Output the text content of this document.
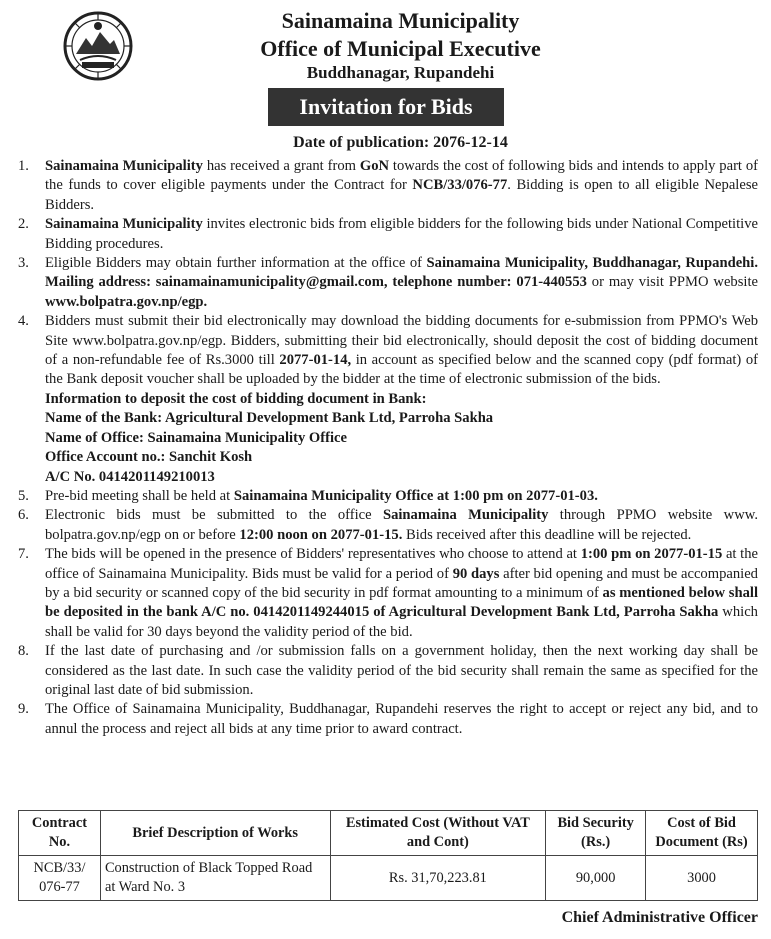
Sainamaina Municipality
Office of Municipal Executive
Buddhanagar, Rupandehi
Invitation for Bids
Date of publication: 2076-12-14
1.	Sainamaina Municipality has received a grant from GoN towards the cost of following bids and intends to apply part of the funds to cover eligible payments under the Contract for NCB/33/076-77. Bidding is open to all eligible Nepalese Bidders.
2.	Sainamaina Municipality invites electronic bids from eligible bidders for the following bids under National Competitive Bidding procedures.
3.	Eligible Bidders may obtain further information at the office of Sainamaina Municipality, Buddhanagar, Rupandehi. Mailing address: sainamainamunicipality@gmail.com, telephone number: 071-440553 or may visit PPMO website www.bolpatra.gov.np/egp.
4.	Bidders must submit their bid electronically may download the bidding documents for e-submission from PPMO's Web Site www.bolpatra.gov.np/egp. Bidders, submitting their bid electronically, should deposit the cost of bidding document of a non-refundable fee of Rs.3000 till 2077-01-14, in account as specified below and the scanned copy (pdf format) of the Bank deposit voucher shall be uploaded by the bidder at the time of electronic submission of the bids.
Information to deposit the cost of bidding document in Bank:
Name of the Bank: Agricultural Development Bank Ltd, Parroha Sakha
Name of Office: Sainamaina Municipality Office
Office Account no.: Sanchit Kosh
A/C No. 0414201149210013
5.	Pre-bid meeting shall be held at Sainamaina Municipality Office at 1:00 pm on 2077-01-03.
6.	Electronic bids must be submitted to the office Sainamaina Municipality through PPMO website www. bolpatra.gov.np/egp on or before 12:00 noon on 2077-01-15. Bids received after this deadline will be rejected.
7.	The bids will be opened in the presence of Bidders' representatives who choose to attend at 1:00 pm on 2077-01-15 at the office of Sainamaina Municipality. Bids must be valid for a period of 90 days after bid opening and must be accompanied by a bid security or scanned copy of the bid security in pdf format amounting to a minimum of as mentioned below shall be deposited in the bank A/C no. 0414201149244015 of Agricultural Development Bank Ltd, Parroha Sakha which shall be valid for 30 days beyond the validity period of the bid.
8.	If the last date of purchasing and /or submission falls on a government holiday, then the next working day shall be considered as the last date. In such case the validity period of the bid security shall remain the same as specified for the original last date of bid submission.
9.	The Office of Sainamaina Municipality, Buddhanagar, Rupandehi reserves the right to accept or reject any bid, and to annul the process and reject all bids at any time prior to award contract.
Contract No.	Brief Description of Works	Estimated Cost (Without VAT and Cont)	Bid Security (Rs.)	Cost of Bid Document (Rs)
NCB/33/ 076-77	Construction of Black Topped Road at Ward No. 3	Rs. 31,70,223.81	90,000	3000
Chief Administrative Officer
